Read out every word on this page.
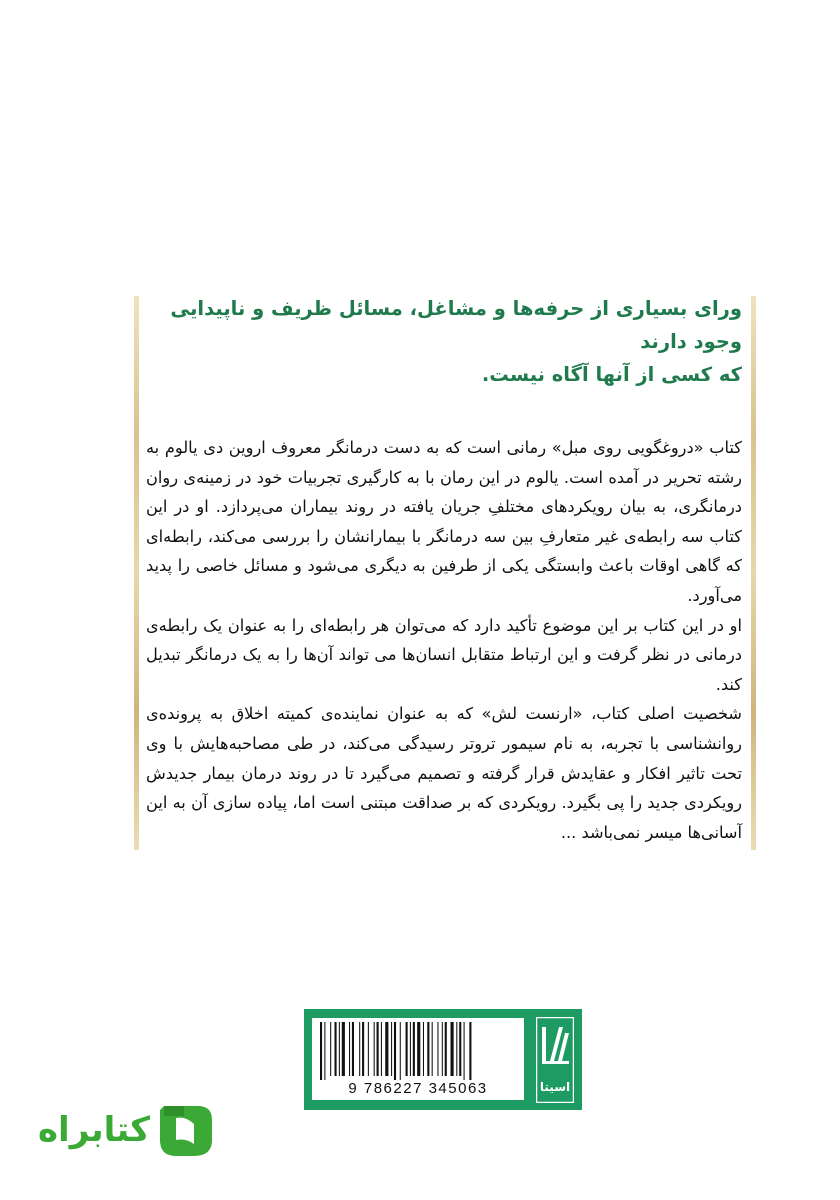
ورای بسیاری از حرفه‌ها و مشاغل، مسائل ظریف و ناپیدایی وجود دارند
که کسی از آنها آگاه نیست.

کتاب «دروغگویی روی مبل» رمانی است که به دست درمانگر معروف اروین دی یالوم به رشته تحریر در آمده است. یالوم در این رمان با به کارگیری تجربیات خود در زمینه‌ی روان درمانگری، به بیان رویکردهای مختلفِ جریان یافته در روند بیماران می‌پردازد. او در این کتاب سه رابطه‌ی غیر متعارفِ بین سه درمانگر با بیمارانشان را بررسی می‌کند، رابطه‌ای که گاهی اوقات باعث وابستگی یکی از طرفین به دیگری می‌شود و مسائل خاصی را پدید می‌آورد.

او در این کتاب بر این موضوع تأکید دارد که می‌توان هر رابطه‌ای را به عنوان یک رابطه‌ی درمانی در نظر گرفت و این ارتباط متقابل انسان‌ها می تواند آن‌ها را به یک درمانگر تبدیل کند.

شخصیت اصلی کتاب، «ارنست لش» که به عنوان نماینده‌ی کمیته اخلاق به پرونده‌ی روانشناسی با تجربه، به نام سیمور تروتر رسیدگی می‌کند، در طی مصاحبه‌هایش با وی تحت تاثیر افکار و عقایدش قرار گرفته و تصمیم می‌گیرد تا در روند درمان بیمار جدیدش رویکردی جدید را پی بگیرد. رویکردی که بر صداقت مبتنی است اما، پیاده سازی آن به این آسانی‌ها میسر نمی‌باشد ...

9 786227 345063	اسیتا
کتابراه
